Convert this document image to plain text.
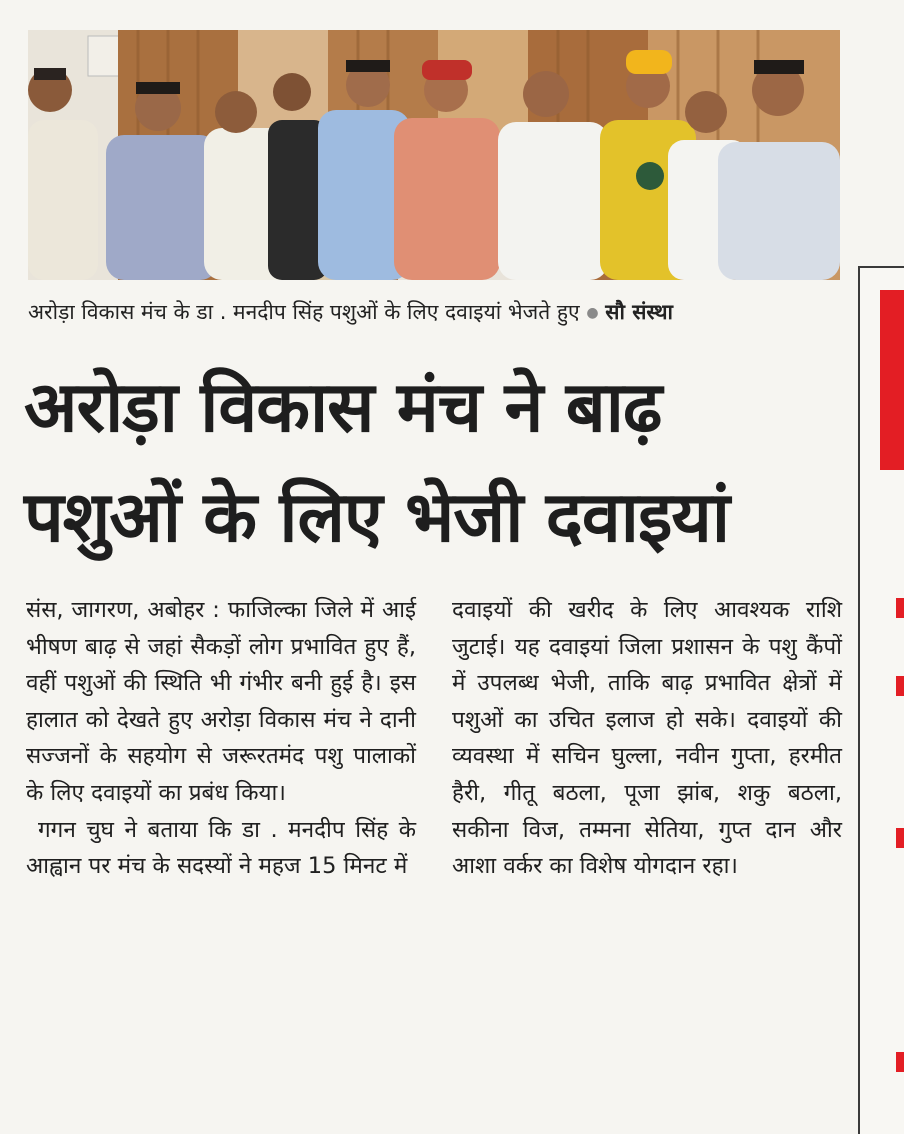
अरोड़ा विकास मंच के डा . मनदीप सिंह पशुओं के लिए दवाइयां भेजते हुए ● सौ संस्था
अरोड़ा विकास मंच ने बाढ़
पशुओं के लिए भेजी दवाइयां

संस, जागरण, अबोहर : फाजिल्का जिले में आई भीषण बाढ़ से जहां सैकड़ों लोग प्रभावित हुए हैं, वहीं पशुओं की स्थिति भी गंभीर बनी हुई है। इस हालात को देखते हुए अरोड़ा विकास मंच ने दानी सज्जनों के सहयोग से जरूरतमंद पशु पालाकों के लिए दवाइयों का प्रबंध किया।

गगन चुघ ने बताया कि डा . मनदीप सिंह के आह्वान पर मंच के सदस्यों ने महज 15 मिनट में

दवाइयों की खरीद के लिए आवश्यक राशि जुटाई। यह दवाइयां जिला प्रशासन के पशु कैंपों में उपलब्ध भेजी, ताकि बाढ़ प्रभावित क्षेत्रों में पशुओं का उचित इलाज हो सके। दवाइयों की व्यवस्था में सचिन घुल्ला, नवीन गुप्ता, हरमीत हैरी, गीतू बठला, पूजा झांब, शकु बठला, सकीना विज, तम्मना सेतिया, गुप्त दान और आशा वर्कर का विशेष योगदान रहा।
